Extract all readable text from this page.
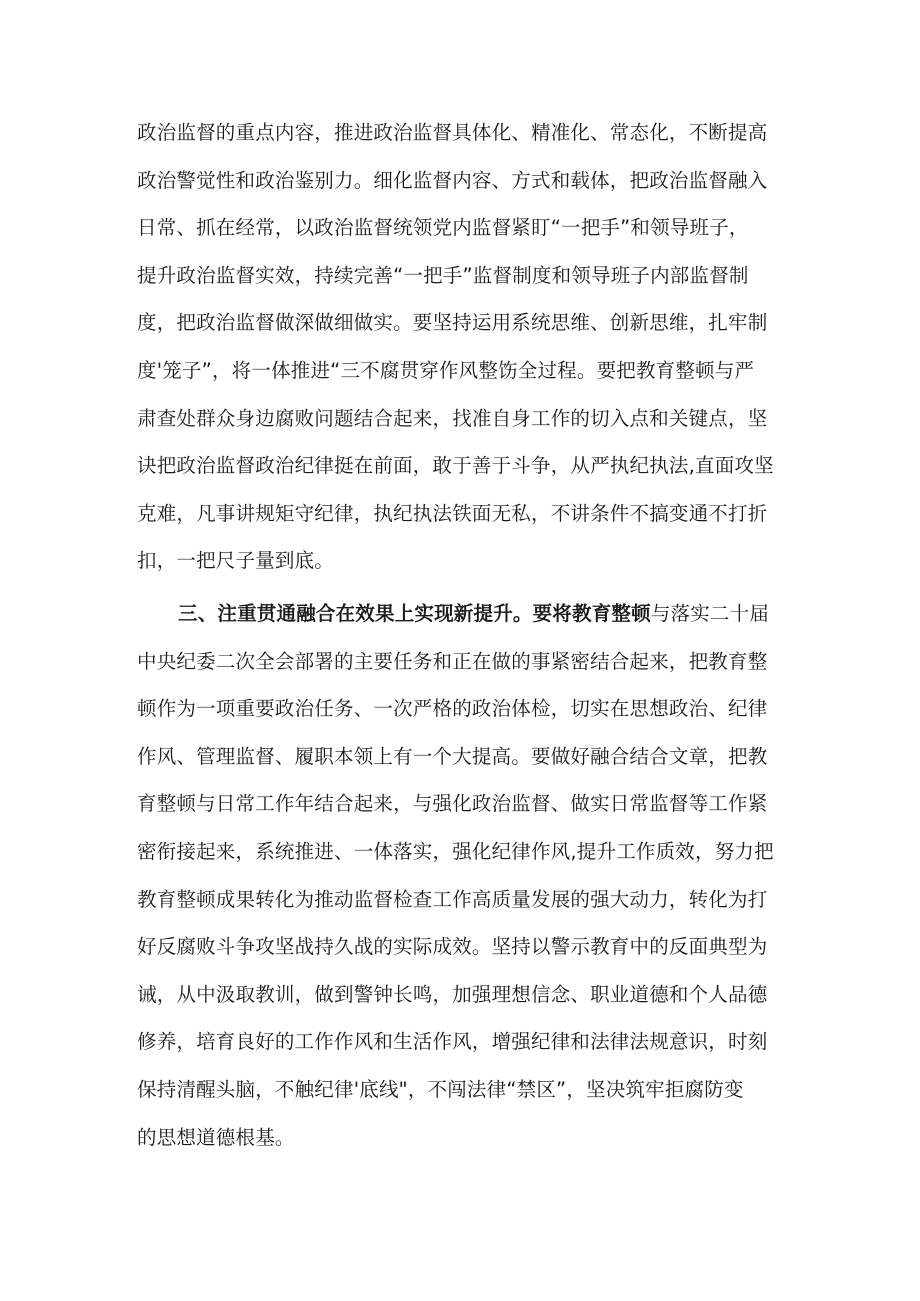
政治监督的重点内容，推进政治监督具体化、精准化、常态化，不断提高
政治警觉性和政治鉴别力。细化监督内容、方式和载体，把政治监督融入
日常、抓在经常，以政治监督统领党内监督紧盯“一把手”和领导班子，
提升政治监督实效，持续完善“一把手”监督制度和领导班子内部监督制
度，把政治监督做深做细做实。要坚持运用系统思维、创新思维，扎牢制
度'笼子”，将一体推进“三不腐贯穿作风整饬全过程。要把教育整顿与严
肃查处群众身边腐败问题结合起来，找准自身工作的切入点和关键点，坚
诀把政治监督政治纪律挺在前面，敢于善于斗争，从严执纪执法,直面攻坚
克难，凡事讲规矩守纪律，执纪执法铁面无私，不讲条件不搞变通不打折
扣，一把尺子量到底。
三、注重贯通融合在效果上实现新提升。要将教育整顿 与落实二十届
中央纪委二次全会部署的主要任务和正在做的事紧密结合起来，把教育整
顿作为一项重要政治任务、一次严格的政治体检，切实在思想政治、纪律
作风、管理监督、履职本领上有一个大提高。要做好融合结合文章，把教
育整顿与日常工作年结合起来，与强化政治监督、做实日常监督等工作紧
密衔接起来，系统推进、一体落实，强化纪律作风,提升工作质效，努力把
教育整顿成果转化为推动监督检查工作高质量发展的强大动力，转化为打
好反腐败斗争攻坚战持久战的实际成效。坚持以警示教育中的反面典型为
诫，从中汲取教训，做到警钟长鸣，加强理想信念、职业道德和个人品德
修养，培育良好的工作作风和生活作风，增强纪律和法律法规意识，时刻
保持清醒头脑，不触纪律'底线"，不闯法律“禁区”，坚决筑牢拒腐防变
的思想道德根基。
